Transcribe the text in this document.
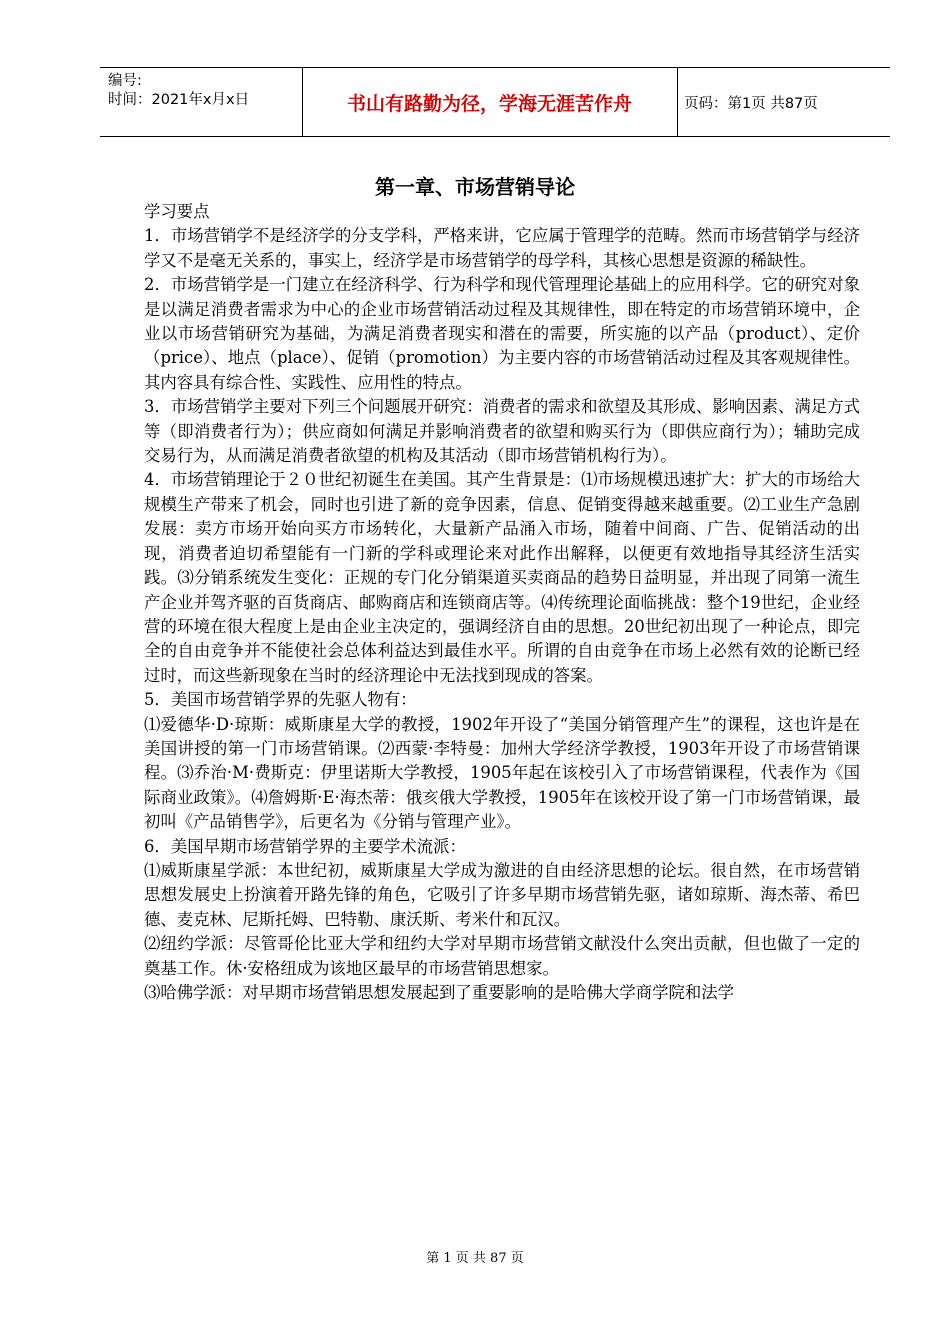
编号:
时间：2021年x月x日	书山有路勤为径，学海无涯苦作舟	页码：第1页 共87页
第一章、市场营销导论

学习要点

1．市场营销学不是经济学的分支学科，严格来讲，它应属于管理学的范畴。然而市场营销学与经济学又不是毫无关系的，事实上，经济学是市场营销学的母学科，其核心思想是资源的稀缺性。

2．市场营销学是一门建立在经济科学、行为科学和现代管理理论基础上的应用科学。它的研究对象是以满足消费者需求为中心的企业市场营销活动过程及其规律性，即在特定的市场营销环境中，企业以市场营销研究为基础，为满足消费者现实和潜在的需要，所实施的以产品（product）、定价（price）、地点（place）、促销（promotion）为主要内容的市场营销活动过程及其客观规律性。其内容具有综合性、实践性、应用性的特点。

3．市场营销学主要对下列三个问题展开研究：消费者的需求和欲望及其形成、影响因素、满足方式等（即消费者行为）；供应商如何满足并影响消费者的欲望和购买行为（即供应商行为）；辅助完成交易行为，从而满足消费者欲望的机构及其活动（即市场营销机构行为）。

4．市场营销理论于２０世纪初诞生在美国。其产生背景是：⑴市场规模迅速扩大：扩大的市场给大规模生产带来了机会，同时也引进了新的竞争因素，信息、促销变得越来越重要。⑵工业生产急剧发展：卖方市场开始向买方市场转化，大量新产品涌入市场，随着中间商、广告、促销活动的出现，消费者迫切希望能有一门新的学科或理论来对此作出解释，以便更有效地指导其经济生活实践。⑶分销系统发生变化：正规的专门化分销渠道买卖商品的趋势日益明显，并出现了同第一流生产企业并驾齐驱的百货商店、邮购商店和连锁商店等。⑷传统理论面临挑战：整个19世纪，企业经营的环境在很大程度上是由企业主决定的，强调经济自由的思想。20世纪初出现了一种论点，即完全的自由竞争并不能使社会总体利益达到最佳水平。所谓的自由竞争在市场上必然有效的论断已经过时，而这些新现象在当时的经济理论中无法找到现成的答案。

5．美国市场营销学界的先驱人物有：

⑴爱德华·D·琼斯：威斯康星大学的教授，1902年开设了“美国分销管理产生”的课程，这也许是在美国讲授的第一门市场营销课。⑵西蒙·李特曼：加州大学经济学教授，1903年开设了市场营销课程。⑶乔治·M·费斯克：伊里诺斯大学教授，1905年起在该校引入了市场营销课程，代表作为《国际商业政策》。⑷詹姆斯·E·海杰蒂：俄亥俄大学教授，1905年在该校开设了第一门市场营销课，最初叫《产品销售学》，后更名为《分销与管理产业》。

6．美国早期市场营销学界的主要学术流派：

⑴威斯康星学派：本世纪初，威斯康星大学成为激进的自由经济思想的论坛。很自然，在市场营销思想发展史上扮演着开路先锋的角色，它吸引了许多早期市场营销先驱，诸如琼斯、海杰蒂、希巴德、麦克林、尼斯托姆、巴特勒、康沃斯、考米什和瓦汉。

⑵纽约学派：尽管哥伦比亚大学和纽约大学对早期市场营销文献没什么突出贡献，但也做了一定的奠基工作。休·安格纽成为该地区最早的市场营销思想家。

⑶哈佛学派：对早期市场营销思想发展起到了重要影响的是哈佛大学商学院和法学

第 1 页 共 87 页
